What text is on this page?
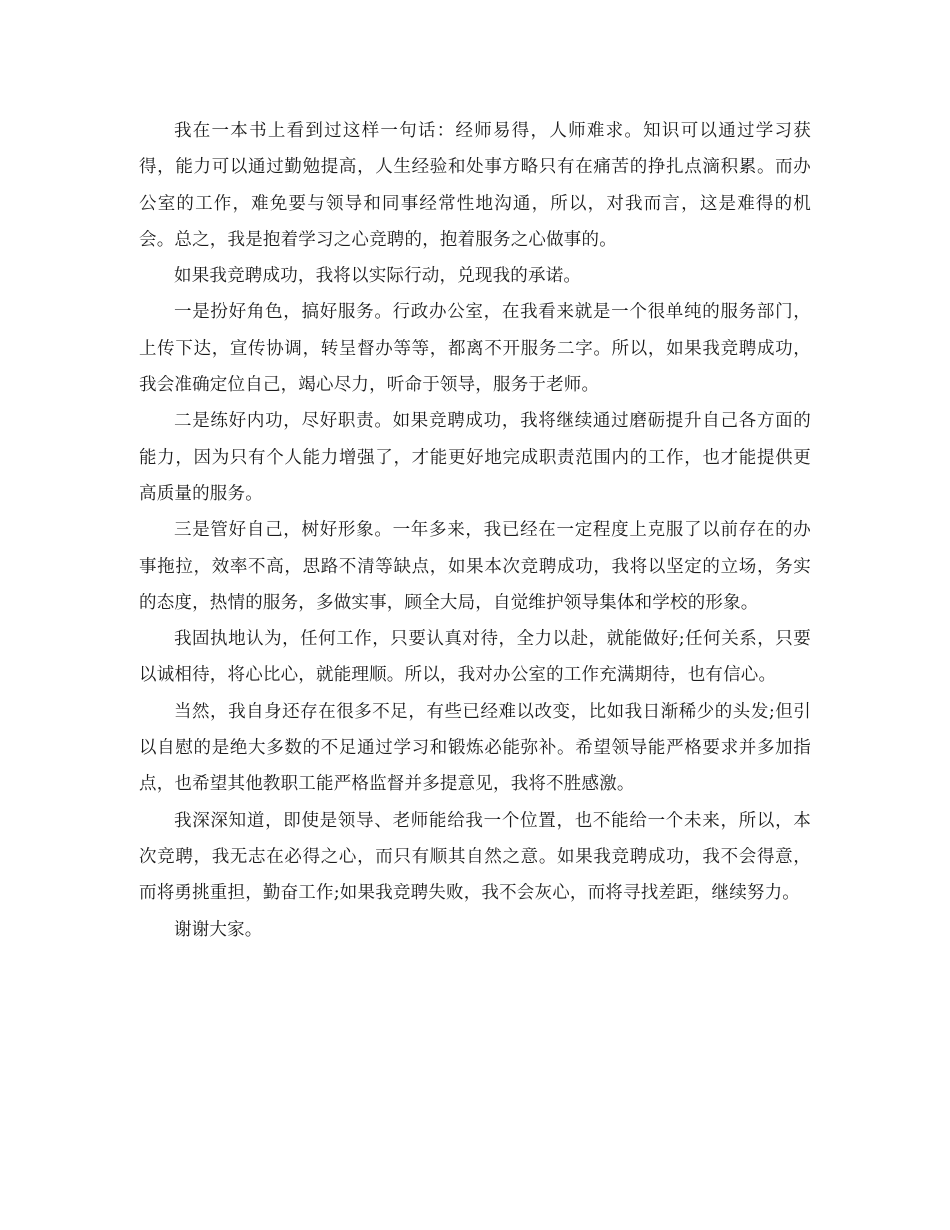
我在一本书上看到过这样一句话：经师易得，人师难求。知识可以通过学习获得，能力可以通过勤勉提高，人生经验和处事方略只有在痛苦的挣扎点滴积累。而办公室的工作，难免要与领导和同事经常性地沟通，所以，对我而言，这是难得的机会。总之，我是抱着学习之心竞聘的，抱着服务之心做事的。

如果我竞聘成功，我将以实际行动，兑现我的承诺。

一是扮好角色，搞好服务。行政办公室，在我看来就是一个很单纯的服务部门，上传下达，宣传协调，转呈督办等等，都离不开服务二字。所以，如果我竞聘成功，我会准确定位自己，竭心尽力，听命于领导，服务于老师。

二是练好内功，尽好职责。如果竞聘成功，我将继续通过磨砺提升自己各方面的能力，因为只有个人能力增强了，才能更好地完成职责范围内的工作，也才能提供更高质量的服务。

三是管好自己，树好形象。一年多来，我已经在一定程度上克服了以前存在的办事拖拉，效率不高，思路不清等缺点，如果本次竞聘成功，我将以坚定的立场，务实的态度，热情的服务，多做实事，顾全大局，自觉维护领导集体和学校的形象。

我固执地认为，任何工作，只要认真对待，全力以赴，就能做好;任何关系，只要以诚相待，将心比心，就能理顺。所以，我对办公室的工作充满期待，也有信心。

当然，我自身还存在很多不足，有些已经难以改变，比如我日渐稀少的头发;但引以自慰的是绝大多数的不足通过学习和锻炼必能弥补。希望领导能严格要求并多加指点，也希望其他教职工能严格监督并多提意见，我将不胜感激。

我深深知道，即使是领导、老师能给我一个位置，也不能给一个未来，所以，本次竞聘，我无志在必得之心，而只有顺其自然之意。如果我竞聘成功，我不会得意，而将勇挑重担，勤奋工作;如果我竞聘失败，我不会灰心，而将寻找差距，继续努力。

谢谢大家。
